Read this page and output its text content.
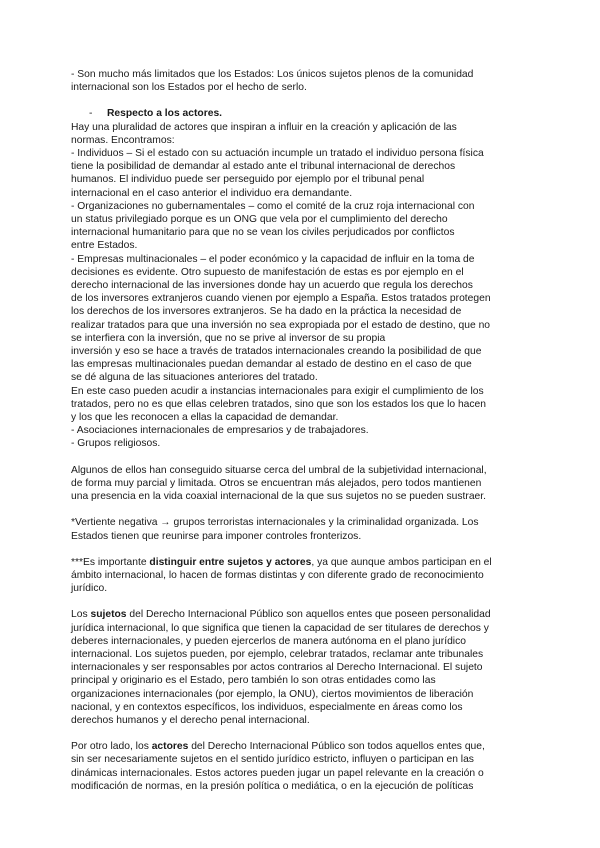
- Son mucho más limitados que los Estados: Los únicos sujetos plenos de la comunidad internacional son los Estados por el hecho de serlo.

- Respecto a los actores.

Hay una pluralidad de actores que inspiran a influir en la creación y aplicación de las

normas. Encontramos:

- Individuos – Si el estado con su actuación incumple un tratado el individuo persona física

tiene la posibilidad de demandar al estado ante el tribunal internacional de derechos

humanos. El individuo puede ser perseguido por ejemplo por el tribunal penal

internacional en el caso anterior el individuo era demandante.

- Organizaciones no gubernamentales – como el comité de la cruz roja internacional con

un status privilegiado porque es un ONG que vela por el cumplimiento del derecho

internacional humanitario para que no se vean los civiles perjudicados por conflictos

entre Estados.

- Empresas multinacionales – el poder económico y la capacidad de influir en la toma de

decisiones es evidente. Otro supuesto de manifestación de estas es por ejemplo en el

derecho internacional de las inversiones donde hay un acuerdo que regula los derechos

de los inversores extranjeros cuando vienen por ejemplo a España. Estos tratados protegen

los derechos de los inversores extranjeros. Se ha dado en la práctica la necesidad de

realizar tratados para que una inversión no sea expropiada por el estado de destino, que no

se interfiera con la inversión, que no se prive al inversor de su propia

inversión y eso se hace a través de tratados internacionales creando la posibilidad de que

las empresas multinacionales puedan demandar al estado de destino en el caso de que

se dé alguna de las situaciones anteriores del tratado.

En este caso pueden acudir a instancias internacionales para exigir el cumplimiento de los

tratados, pero no es que ellas celebren tratados, sino que son los estados los que lo hacen

y los que les reconocen a ellas la capacidad de demandar.

- Asociaciones internacionales de empresarios y de trabajadores.

- Grupos religiosos.

Algunos de ellos han conseguido situarse cerca del umbral de la subjetividad internacional,

de forma muy parcial y limitada. Otros se encuentran más alejados, pero todos mantienen

una presencia en la vida coaxial internacional de la que sus sujetos no se pueden sustraer.

*Vertiente negativa → grupos terroristas internacionales y la criminalidad organizada. Los

Estados tienen que reunirse para imponer controles fronterizos.

***Es importante distinguir entre sujetos y actores, ya que aunque ambos participan en el

ámbito internacional, lo hacen de formas distintas y con diferente grado de reconocimiento

jurídico.

Los sujetos del Derecho Internacional Público son aquellos entes que poseen personalidad

jurídica internacional, lo que significa que tienen la capacidad de ser titulares de derechos y

deberes internacionales, y pueden ejercerlos de manera autónoma en el plano jurídico

internacional. Los sujetos pueden, por ejemplo, celebrar tratados, reclamar ante tribunales

internacionales y ser responsables por actos contrarios al Derecho Internacional. El sujeto

principal y originario es el Estado, pero también lo son otras entidades como las

organizaciones internacionales (por ejemplo, la ONU), ciertos movimientos de liberación

nacional, y en contextos específicos, los individuos, especialmente en áreas como los

derechos humanos y el derecho penal internacional.

Por otro lado, los actores del Derecho Internacional Público son todos aquellos entes que,

sin ser necesariamente sujetos en el sentido jurídico estricto, influyen o participan en las

dinámicas internacionales. Estos actores pueden jugar un papel relevante en la creación o

modificación de normas, en la presión política o mediática, o en la ejecución de políticas
